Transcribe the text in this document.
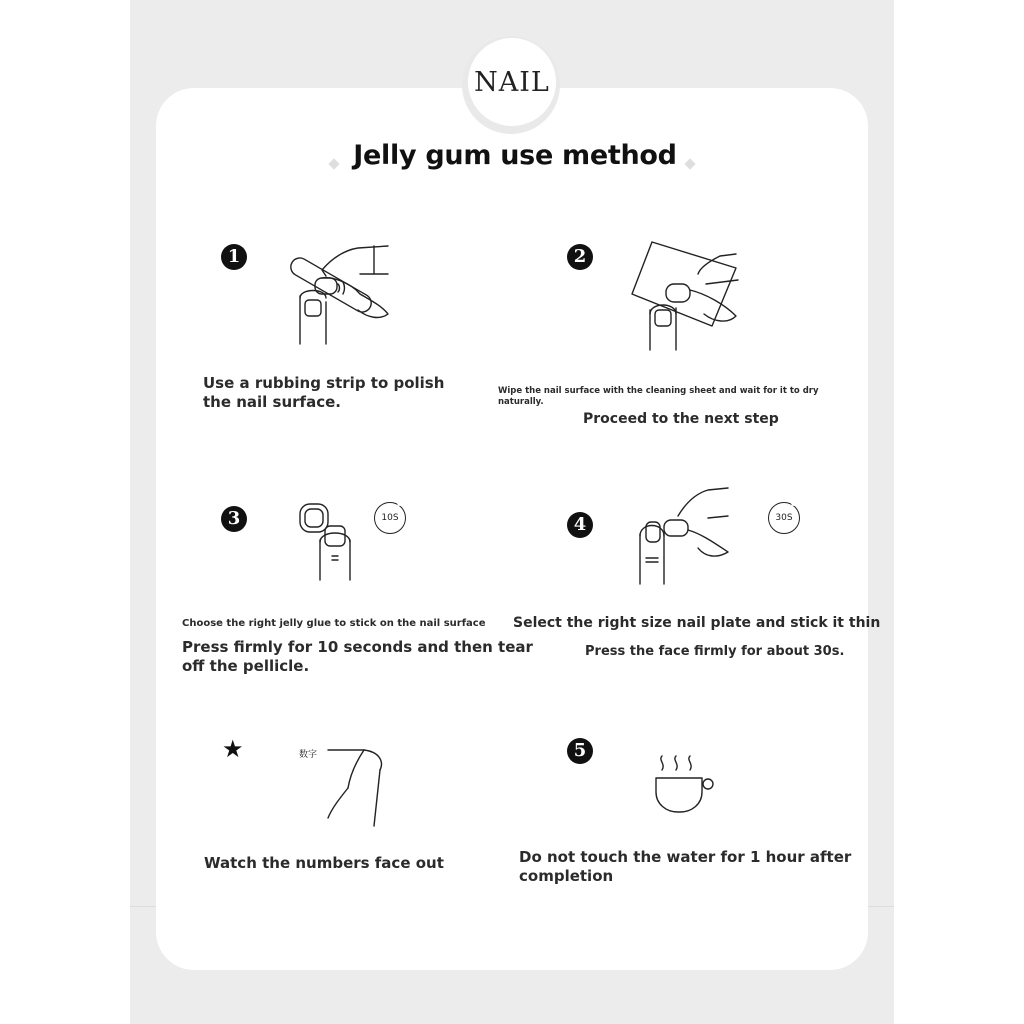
NAIL
Jelly gum use method
1
Use a rubbing strip to polish
the nail surface.
2
Wipe the nail surface with the cleaning sheet and wait for it to dry naturally.
Proceed to the next step
3	10S
Choose the right jelly glue to stick on the nail surface
Press firmly for 10 seconds and then tear
off the pellicle.
4	30S
Select the right size nail plate and stick it thin
Press the face firmly for about 30s.
★	数字
Watch the numbers face out
5
Do not touch the water for 1 hour after
completion
